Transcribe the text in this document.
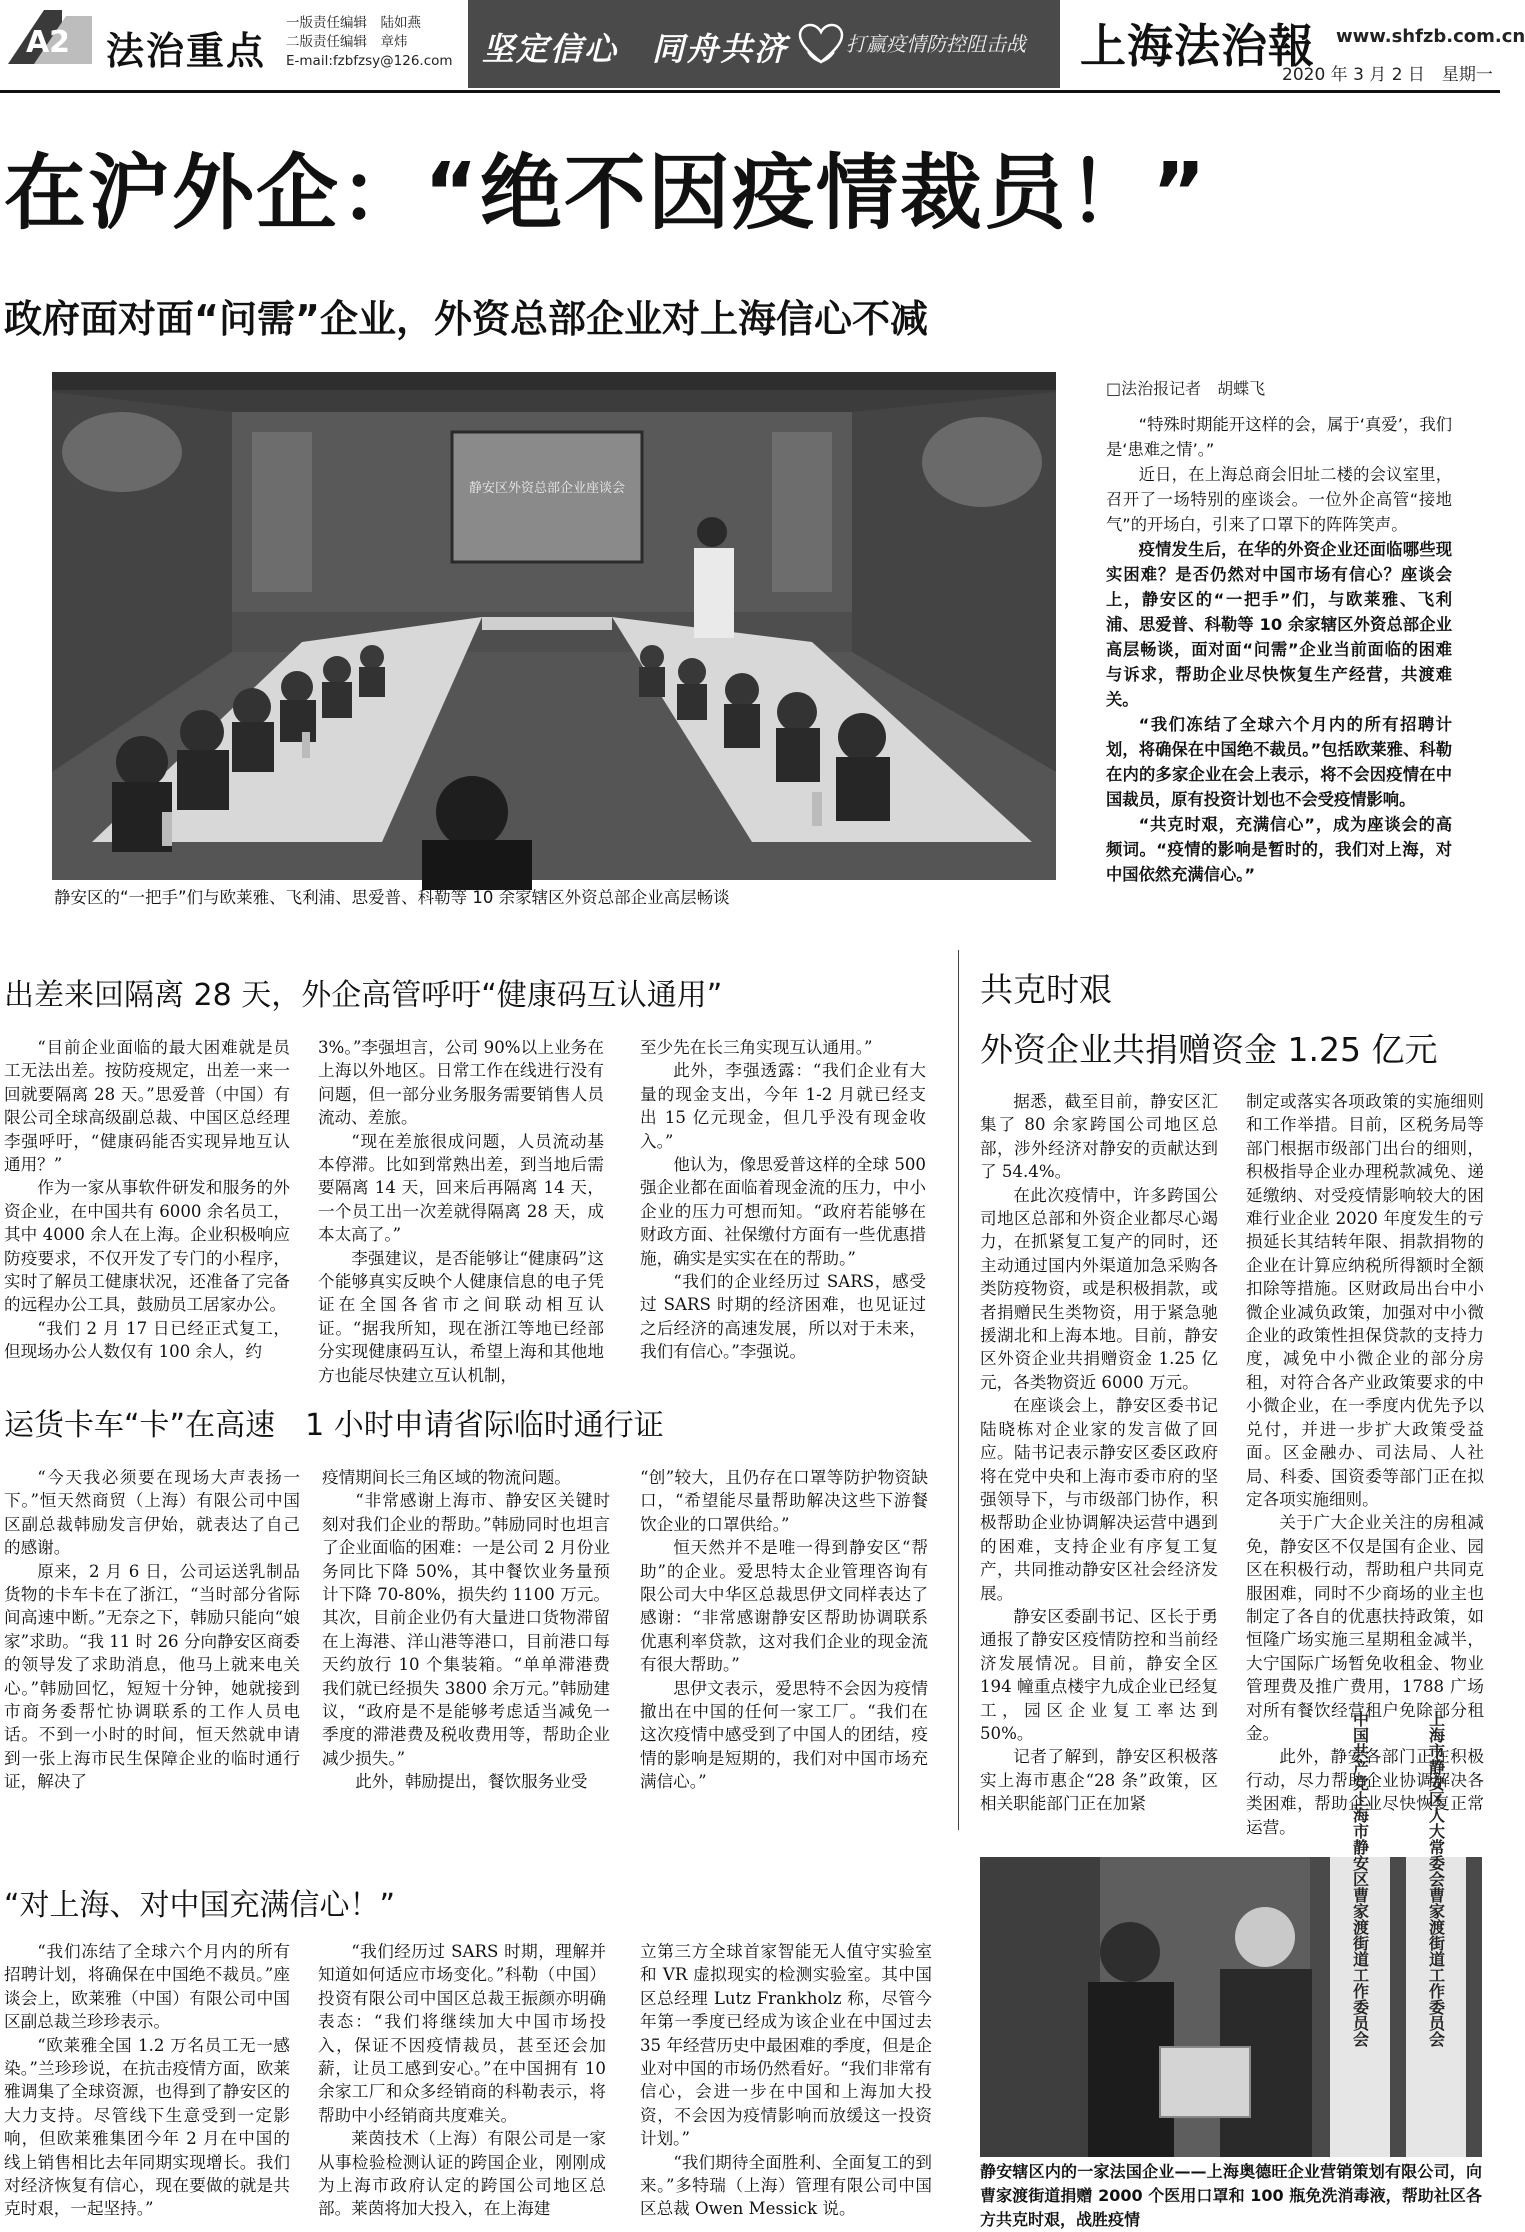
A2 法治重点
一版责任编辑　陆如燕
二版责任编辑　章炜
E-mail:fzbfzsy@126.com 坚定信心　同舟共济	打赢疫情防控阻击战 上海法治報 www.shfzb.com.cn
2020 年 3 月 2 日　星期一
在沪外企：“绝不因疫情裁员！”
政府面对面“问需”企业，外资总部企业对上海信心不减
静安区外资总部企业座谈会
静安区的“一把手”们与欧莱雅、飞利浦、思爱普、科勒等 10 余家辖区外资总部企业高层畅谈
□法治报记者　胡蝶飞

“特殊时期能开这样的会，属于‘真爱’，我们是‘患难之情’。”

近日，在上海总商会旧址二楼的会议室里，召开了一场特别的座谈会。一位外企高管“接地气”的开场白，引来了口罩下的阵阵笑声。

疫情发生后，在华的外资企业还面临哪些现实困难？是否仍然对中国市场有信心？座谈会上，静安区的“一把手”们，与欧莱雅、飞利浦、思爱普、科勒等 10 余家辖区外资总部企业高层畅谈，面对面“问需”企业当前面临的困难与诉求，帮助企业尽快恢复生产经营，共渡难关。

“我们冻结了全球六个月内的所有招聘计划，将确保在中国绝不裁员。”包括欧莱雅、科勒在内的多家企业在会上表示，将不会因疫情在中国裁员，原有投资计划也不会受疫情影响。

“共克时艰，充满信心”，成为座谈会的高频词。“疫情的影响是暂时的，我们对上海，对中国依然充满信心。”

出差来回隔离 28 天，外企高管呼吁“健康码互认通用”

“目前企业面临的最大困难就是员工无法出差。按防疫规定，出差一来一回就要隔离 28 天。”思爱普（中国）有限公司全球高级副总裁、中国区总经理李强呼吁，“健康码能否实现异地互认通用？”

作为一家从事软件研发和服务的外资企业，在中国共有 6000 余名员工，其中 4000 余人在上海。企业积极响应防疫要求，不仅开发了专门的小程序，实时了解员工健康状况，还准备了完备的远程办公工具，鼓励员工居家办公。

“我们 2 月 17 日已经正式复工，但现场办公人数仅有 100 余人，约

3%。”李强坦言，公司 90%以上业务在上海以外地区。日常工作在线进行没有问题，但一部分业务服务需要销售人员流动、差旅。

“现在差旅很成问题，人员流动基本停滞。比如到常熟出差，到当地后需要隔离 14 天，回来后再隔离 14 天，一个员工出一次差就得隔离 28 天，成本太高了。”

李强建议，是否能够让“健康码”这个能够真实反映个人健康信息的电子凭证在全国各省市之间联动相互认证。“据我所知，现在浙江等地已经部分实现健康码互认，希望上海和其他地方也能尽快建立互认机制，

至少先在长三角实现互认通用。”

此外，李强透露：“我们企业有大量的现金支出，今年 1-2 月就已经支出 15 亿元现金，但几乎没有现金收入。”

他认为，像思爱普这样的全球 500 强企业都在面临着现金流的压力，中小企业的压力可想而知。“政府若能够在财政方面、社保缴付方面有一些优惠措施，确实是实实在在的帮助。”

“我们的企业经历过 SARS，感受过 SARS 时期的经济困难，也见证过之后经济的高速发展，所以对于未来，我们有信心。”李强说。

运货卡车“卡”在高速　1 小时申请省际临时通行证

“今天我必须要在现场大声表扬一下。”恒天然商贸（上海）有限公司中国区副总裁韩励发言伊始，就表达了自己的感谢。

原来，2 月 6 日，公司运送乳制品货物的卡车卡在了浙江，“当时部分省际间高速中断。”无奈之下，韩励只能向“娘家”求助。“我 11 时 26 分向静安区商委的领导发了求助消息，他马上就来电关心。”韩励回忆，短短十分钟，她就接到市商务委帮忙协调联系的工作人员电话。不到一小时的时间，恒天然就申请到一张上海市民生保障企业的临时通行证，解决了

疫情期间长三角区域的物流问题。

“非常感谢上海市、静安区关键时刻对我们企业的帮助。”韩励同时也坦言了企业面临的困难：一是公司 2 月份业务同比下降 50%，其中餐饮业务量预计下降 70-80%，损失约 1100 万元。其次，目前企业仍有大量进口货物滞留在上海港、洋山港等港口，目前港口每天约放行 10 个集装箱。“单单滞港费我们就已经损失 3800 余万元。”韩励建议，“政府是不是能够考虑适当减免一季度的滞港费及税收费用等，帮助企业减少损失。”

此外，韩励提出，餐饮服务业受

“创”较大，且仍存在口罩等防护物资缺口，“希望能尽量帮助解决这些下游餐饮企业的口罩供给。”

恒天然并不是唯一得到静安区“帮助”的企业。爱思特太企业管理咨询有限公司大中华区总裁思伊文同样表达了感谢：“非常感谢静安区帮助协调联系优惠利率贷款，这对我们企业的现金流有很大帮助。”

思伊文表示，爱思特不会因为疫情撤出在中国的任何一家工厂。“我们在这次疫情中感受到了中国人的团结，疫情的影响是短期的，我们对中国市场充满信心。”

“对上海、对中国充满信心！”

“我们冻结了全球六个月内的所有招聘计划，将确保在中国绝不裁员。”座谈会上，欧莱雅（中国）有限公司中国区副总裁兰珍珍表示。

“欧莱雅全国 1.2 万名员工无一感染。”兰珍珍说，在抗击疫情方面，欧莱雅调集了全球资源，也得到了静安区的大力支持。尽管线下生意受到一定影响，但欧莱雅集团今年 2 月在中国的线上销售相比去年同期实现增长。我们对经济恢复有信心，现在要做的就是共克时艰，一起坚持。”

“我们经历过 SARS 时期，理解并知道如何适应市场变化。”科勒（中国）投资有限公司中国区总裁王振颜亦明确表态：“我们将继续加大中国市场投入，保证不因疫情裁员，甚至还会加薪，让员工感到安心。”在中国拥有 10 余家工厂和众多经销商的科勒表示，将帮助中小经销商共度难关。

莱茵技术（上海）有限公司是一家从事检验检测认证的跨国企业，刚刚成为上海市政府认定的跨国公司地区总部。莱茵将加大投入，在上海建

立第三方全球首家智能无人值守实验室和 VR 虚拟现实的检测实验室。其中国区总经理 Lutz Frankholz 称，尽管今年第一季度已经成为该企业在中国过去 35 年经营历史中最困难的季度，但是企业对中国的市场仍然看好。“我们非常有信心，会进一步在中国和上海加大投资，不会因为疫情影响而放缓这一投资计划。”

“我们期待全面胜利、全面复工的到来。”多特瑞（上海）管理有限公司中国区总裁 Owen Messick 说。

共克时艰
外资企业共捐赠资金 1.25 亿元

据悉，截至目前，静安区汇集了 80 余家跨国公司地区总部，涉外经济对静安的贡献达到了 54.4%。

在此次疫情中，许多跨国公司地区总部和外资企业都尽心竭力，在抓紧复工复产的同时，还主动通过国内外渠道加急采购各类防疫物资，或是积极捐款，或者捐赠民生类物资，用于紧急驰援湖北和上海本地。目前，静安区外资企业共捐赠资金 1.25 亿元，各类物资近 6000 万元。

在座谈会上，静安区委书记陆晓栋对企业家的发言做了回应。陆书记表示静安区委区政府将在党中央和上海市委市府的坚强领导下，与市级部门协作，积极帮助企业协调解决运营中遇到的困难，支持企业有序复工复产，共同推动静安区社会经济发展。

静安区委副书记、区长于勇通报了静安区疫情防控和当前经济发展情况。目前，静安全区 194 幢重点楼宇九成企业已经复工，园区企业复工率达到 50%。

记者了解到，静安区积极落实上海市惠企“28 条”政策，区相关职能部门正在加紧

制定或落实各项政策的实施细则和工作举措。目前，区税务局等部门根据市级部门出台的细则，积极指导企业办理税款减免、递延缴纳、对受疫情影响较大的困难行业企业 2020 年度发生的亏损延长其结转年限、捐款捐物的企业在计算应纳税所得额时全额扣除等措施。区财政局出台中小微企业减负政策，加强对中小微企业的政策性担保贷款的支持力度，减免中小微企业的部分房租，对符合各产业政策要求的中小微企业，在一季度内优先予以兑付，并进一步扩大政策受益面。区金融办、司法局、人社局、科委、国资委等部门正在拟定各项实施细则。

关于广大企业关注的房租减免，静安区不仅是国有企业、园区在积极行动，帮助租户共同克服困难，同时不少商场的业主也制定了各自的优惠扶持政策，如恒隆广场实施三星期租金减半，大宁国际广场暂免收租金、物业管理费及推广费用，1788 广场对所有餐饮经营租户免除部分租金。

此外，静安各部门正在积极行动，尽力帮助企业协调解决各类困难，帮助企业尽快恢复正常运营。	中国共产党上海市静安区曹家渡街道工作委员会	上海市静安区人大常委会曹家渡街道工作委员会
静安辖区内的一家法国企业——上海奥德旺企业营销策划有限公司，向曹家渡街道捐赠 2000 个医用口罩和 100 瓶免洗消毒液，帮助社区各方共克时艰，战胜疫情
